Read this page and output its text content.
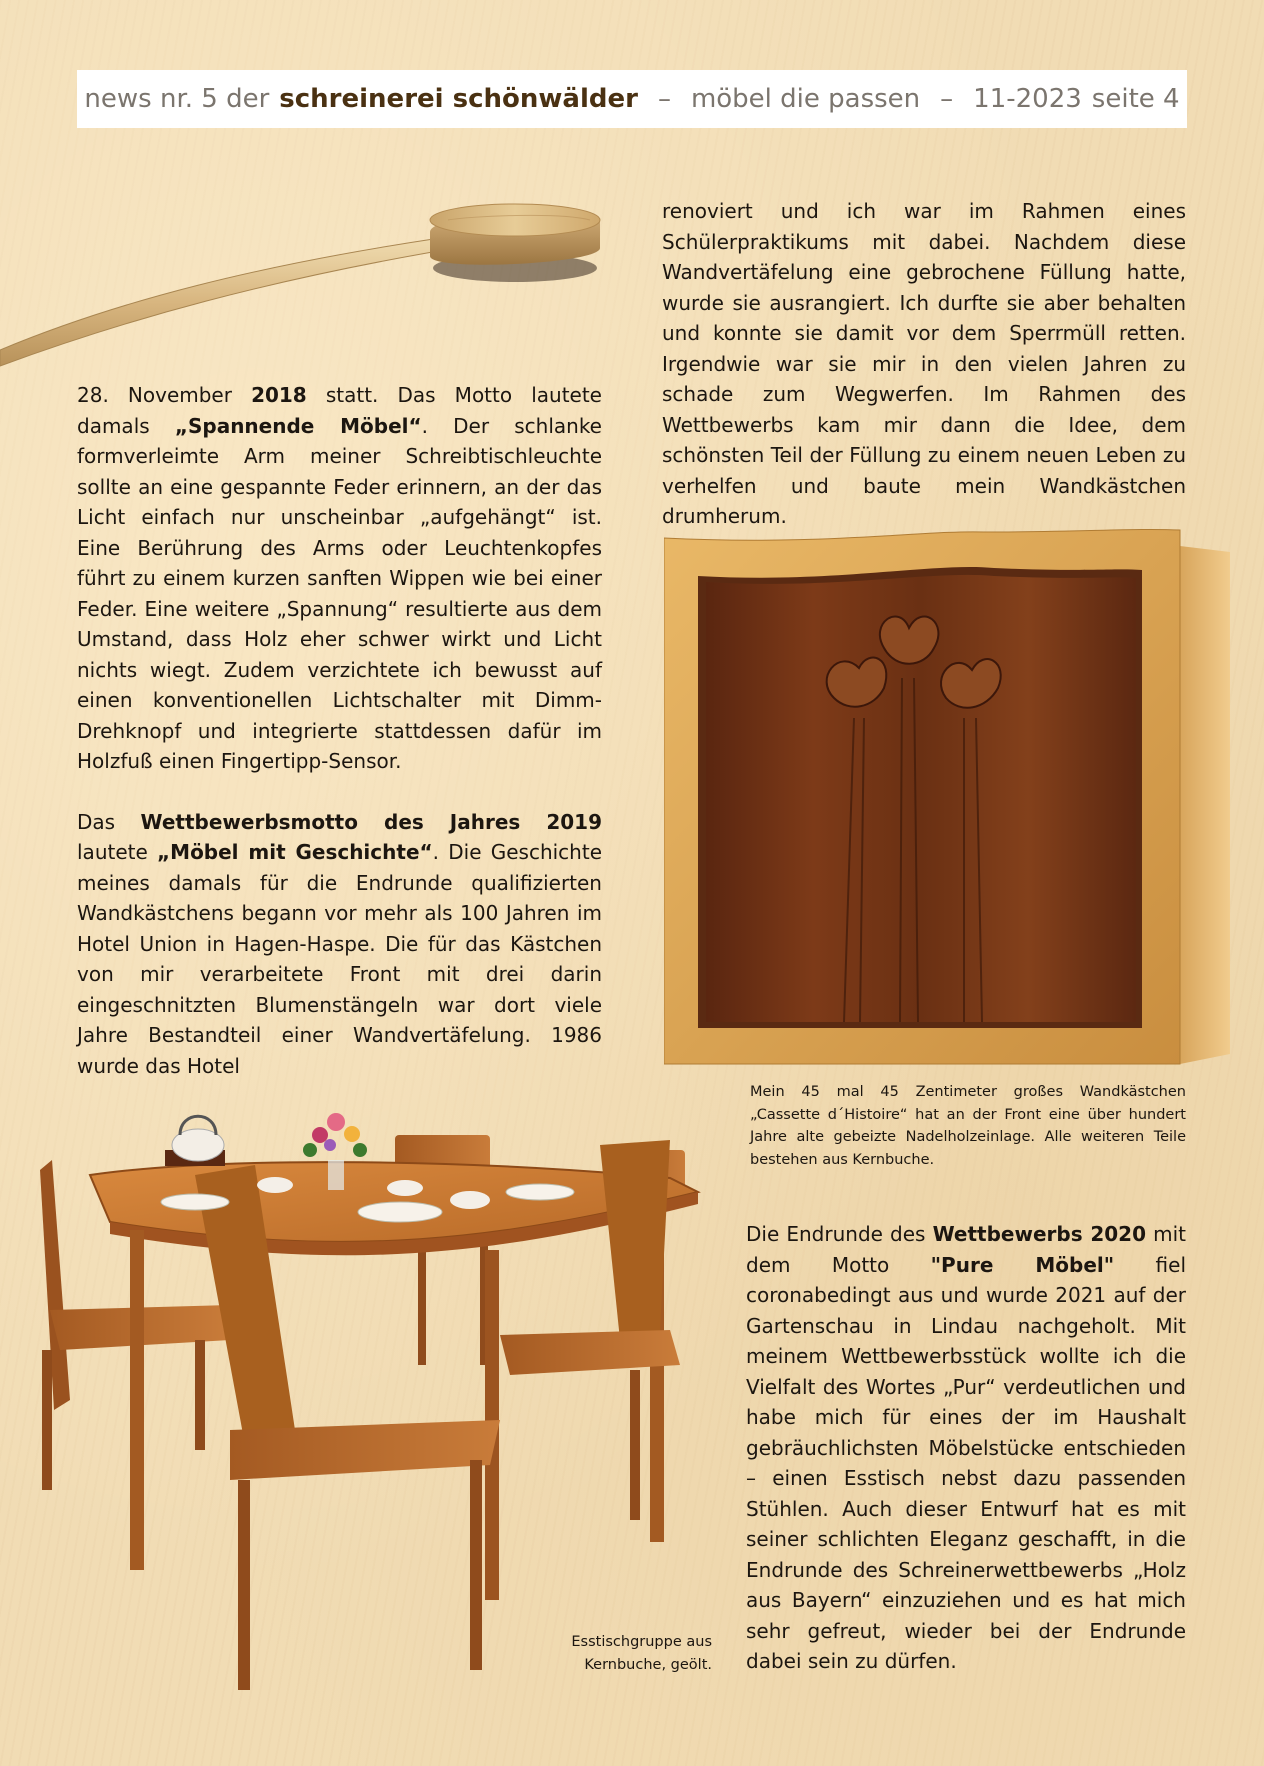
news nr. 5 der schreinerei schönwälder – möbel die passen – 11-2023 seite 4

28. November 2018 statt. Das Motto lautete damals „Spannende Möbel“. Der schlanke formverleimte Arm meiner Schreibtischleuchte sollte an eine gespannte Feder erinnern, an der das Licht einfach nur unscheinbar „aufgehängt“ ist. Eine Berührung des Arms oder Leuchtenkopfes führt zu einem kurzen sanften Wippen wie bei einer Feder. Eine weitere „Spannung“ resultierte aus dem Umstand, dass Holz eher schwer wirkt und Licht nichts wiegt. Zudem verzichtete ich bewusst auf einen konventionellen Lichtschalter mit Dimm-Drehknopf und integrierte stattdessen dafür im Holzfuß einen Fingertipp-Sensor.

Das Wettbewerbsmotto des Jahres 2019 lautete „Möbel mit Geschichte“. Die Geschichte meines damals für die Endrunde qualifizierten Wandkästchens begann vor mehr als 100 Jahren im Hotel Union in Hagen-Haspe. Die für das Kästchen von mir verarbeitete Front mit drei darin eingeschnitzten Blumenstängeln war dort viele Jahre Bestandteil einer Wandvertäfelung. 1986 wurde das Hotel

renoviert und ich war im Rahmen eines Schülerpraktikums mit dabei. Nachdem diese Wandvertäfelung eine gebrochene Füllung hatte, wurde sie ausrangiert. Ich durfte sie aber behalten und konnte sie damit vor dem Sperrmüll retten. Irgendwie war sie mir in den vielen Jahren zu schade zum Wegwerfen. Im Rahmen des Wettbewerbs kam mir dann die Idee, dem schönsten Teil der Füllung zu einem neuen Leben zu verhelfen und baute mein Wandkästchen drumherum.

Mein 45 mal 45 Zentimeter großes Wandkästchen „Cassette d´Histoire“ hat an der Front eine über hundert Jahre alte gebeizte Nadelholzeinlage. Alle weiteren Teile bestehen aus Kernbuche.
Esstischgruppe aus
Kernbuche, geölt.

Die Endrunde des Wettbewerbs 2020 mit dem Motto "Pure Möbel" fiel coronabedingt aus und wurde 2021 auf der Gartenschau in Lindau nachgeholt. Mit meinem Wettbewerbsstück wollte ich die Vielfalt des Wortes „Pur“ verdeutlichen und habe mich für eines der im Haushalt gebräuchlichsten Möbelstücke entschieden – einen Esstisch nebst dazu passenden Stühlen. Auch dieser Entwurf hat es mit seiner schlichten Eleganz geschafft, in die Endrunde des Schreinerwettbewerbs „Holz aus Bayern“ einzuziehen und es hat mich sehr gefreut, wieder bei der Endrunde dabei sein zu dürfen.
